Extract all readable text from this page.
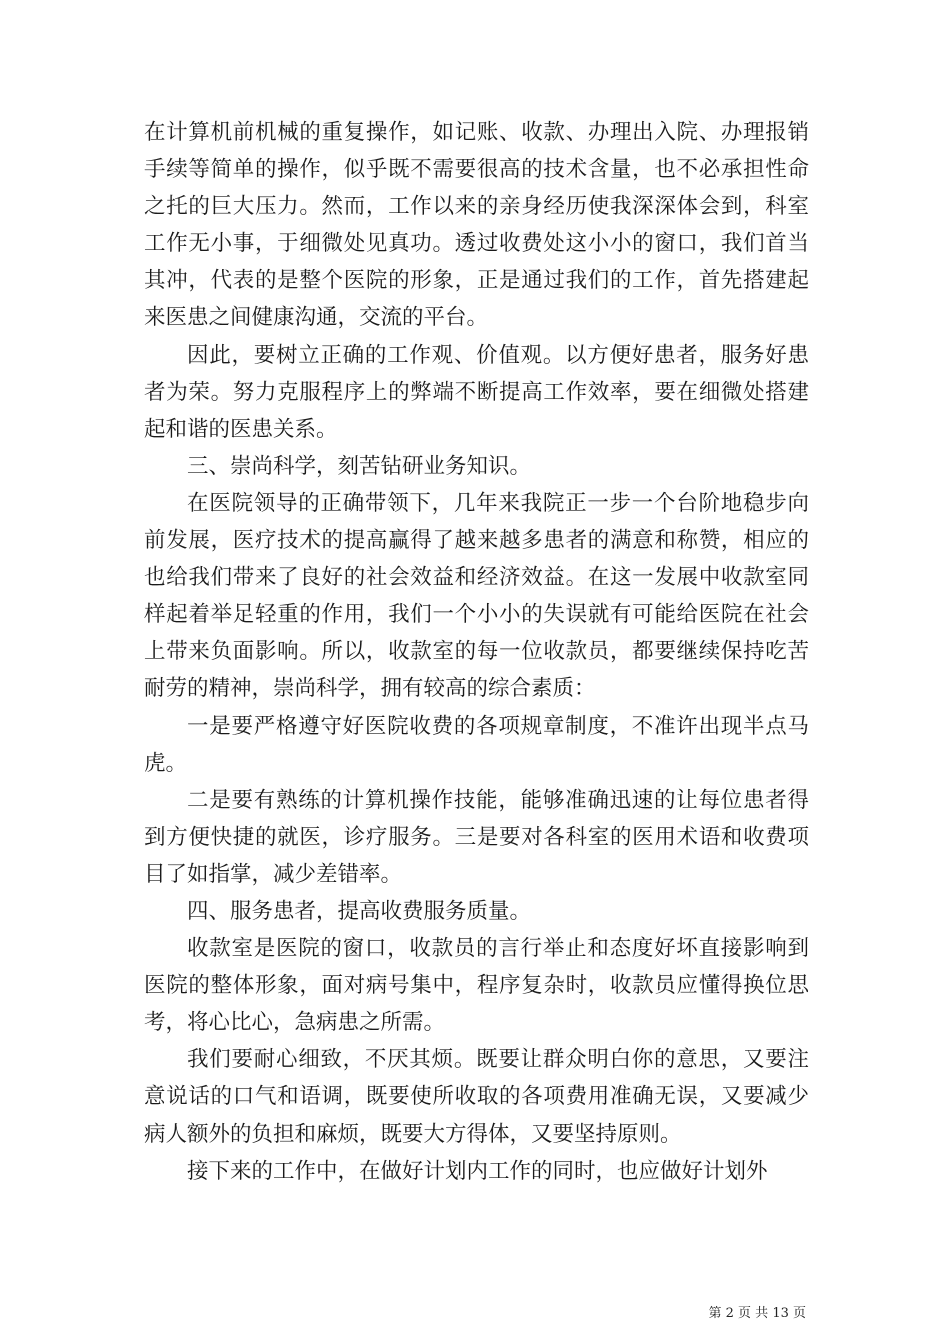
在计算机前机械的重复操作，如记账、收款、办理出入院、办理报销手续等简单的操作，似乎既不需要很高的技术含量，也不必承担性命之托的巨大压力。然而，工作以来的亲身经历使我深深体会到，科室工作无小事，于细微处见真功。透过收费处这小小的窗口，我们首当其冲，代表的是整个医院的形象，正是通过我们的工作，首先搭建起来医患之间健康沟通，交流的平台。

因此，要树立正确的工作观、价值观。以方便好患者，服务好患者为荣。努力克服程序上的弊端不断提高工作效率，要在细微处搭建起和谐的医患关系。

三、崇尚科学，刻苦钻研业务知识。

在医院领导的正确带领下，几年来我院正一步一个台阶地稳步向前发展，医疗技术的提高赢得了越来越多患者的满意和称赞，相应的也给我们带来了良好的社会效益和经济效益。在这一发展中收款室同样起着举足轻重的作用，我们一个小小的失误就有可能给医院在社会上带来负面影响。所以，收款室的每一位收款员，都要继续保持吃苦耐劳的精神，崇尚科学，拥有较高的综合素质：

一是要严格遵守好医院收费的各项规章制度，不准许出现半点马虎。

二是要有熟练的计算机操作技能，能够准确迅速的让每位患者得到方便快捷的就医，诊疗服务。三是要对各科室的医用术语和收费项目了如指掌，减少差错率。

四、服务患者，提高收费服务质量。

收款室是医院的窗口，收款员的言行举止和态度好坏直接影响到医院的整体形象，面对病号集中，程序复杂时，收款员应懂得换位思考，将心比心，急病患之所需。

我们要耐心细致，不厌其烦。既要让群众明白你的意思，又要注意说话的口气和语调，既要使所收取的各项费用准确无误，又要减少病人额外的负担和麻烦，既要大方得体，又要坚持原则。

接下来的工作中，在做好计划内工作的同时，也应做好计划外

第 2 页 共 13 页
